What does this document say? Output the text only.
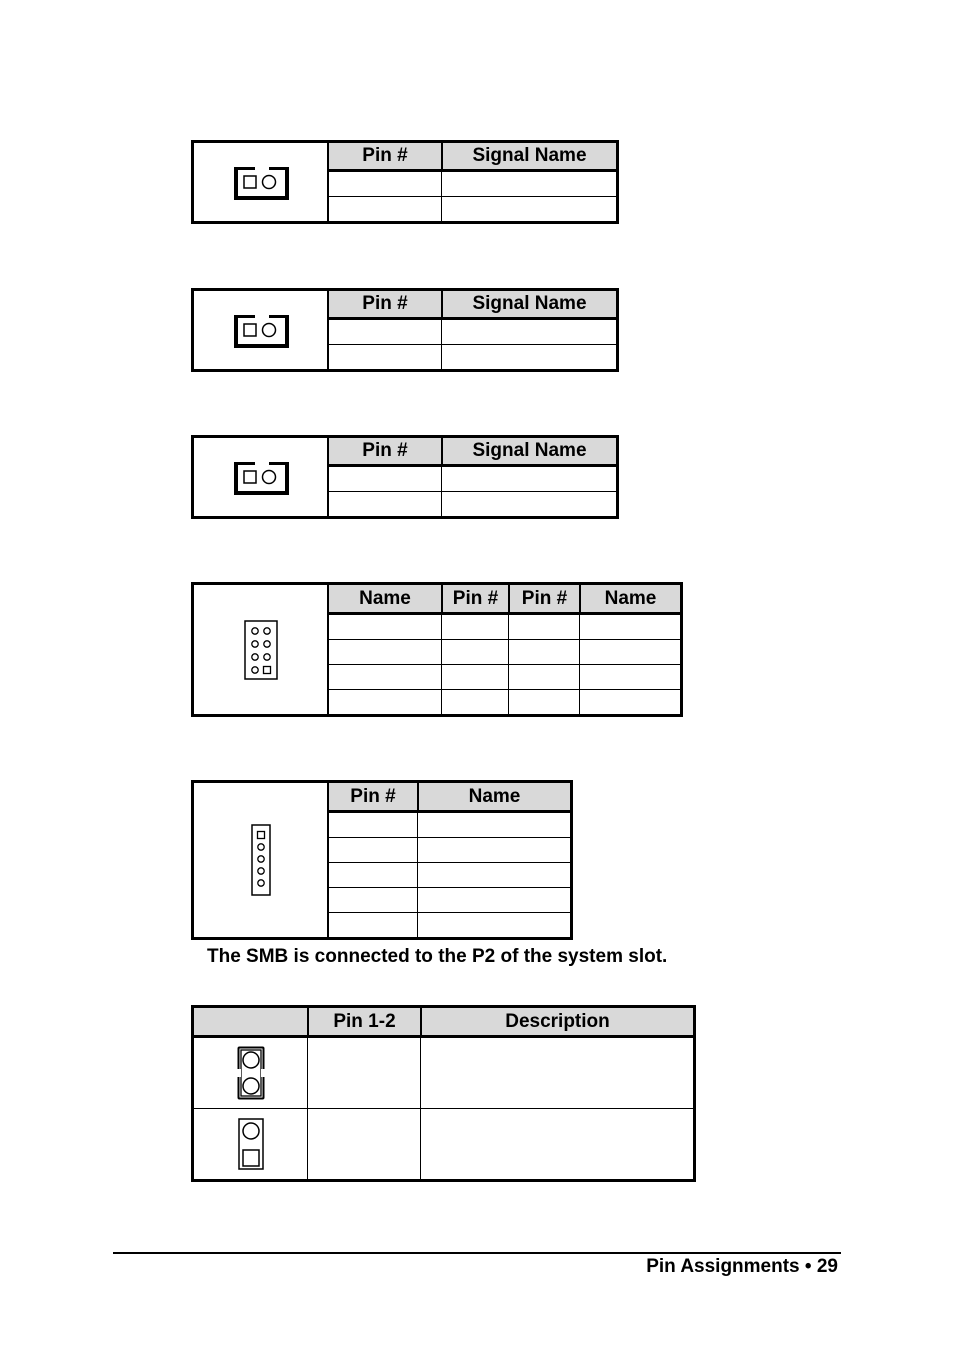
Pin #	Signal Name
Pin #	Signal Name
Pin #	Signal Name
Name	Pin #	Pin #	Name
Pin #	Name
The SMB is connected to the P2 of the system slot.
Pin 1-2	Description
Pin Assignments • 29
